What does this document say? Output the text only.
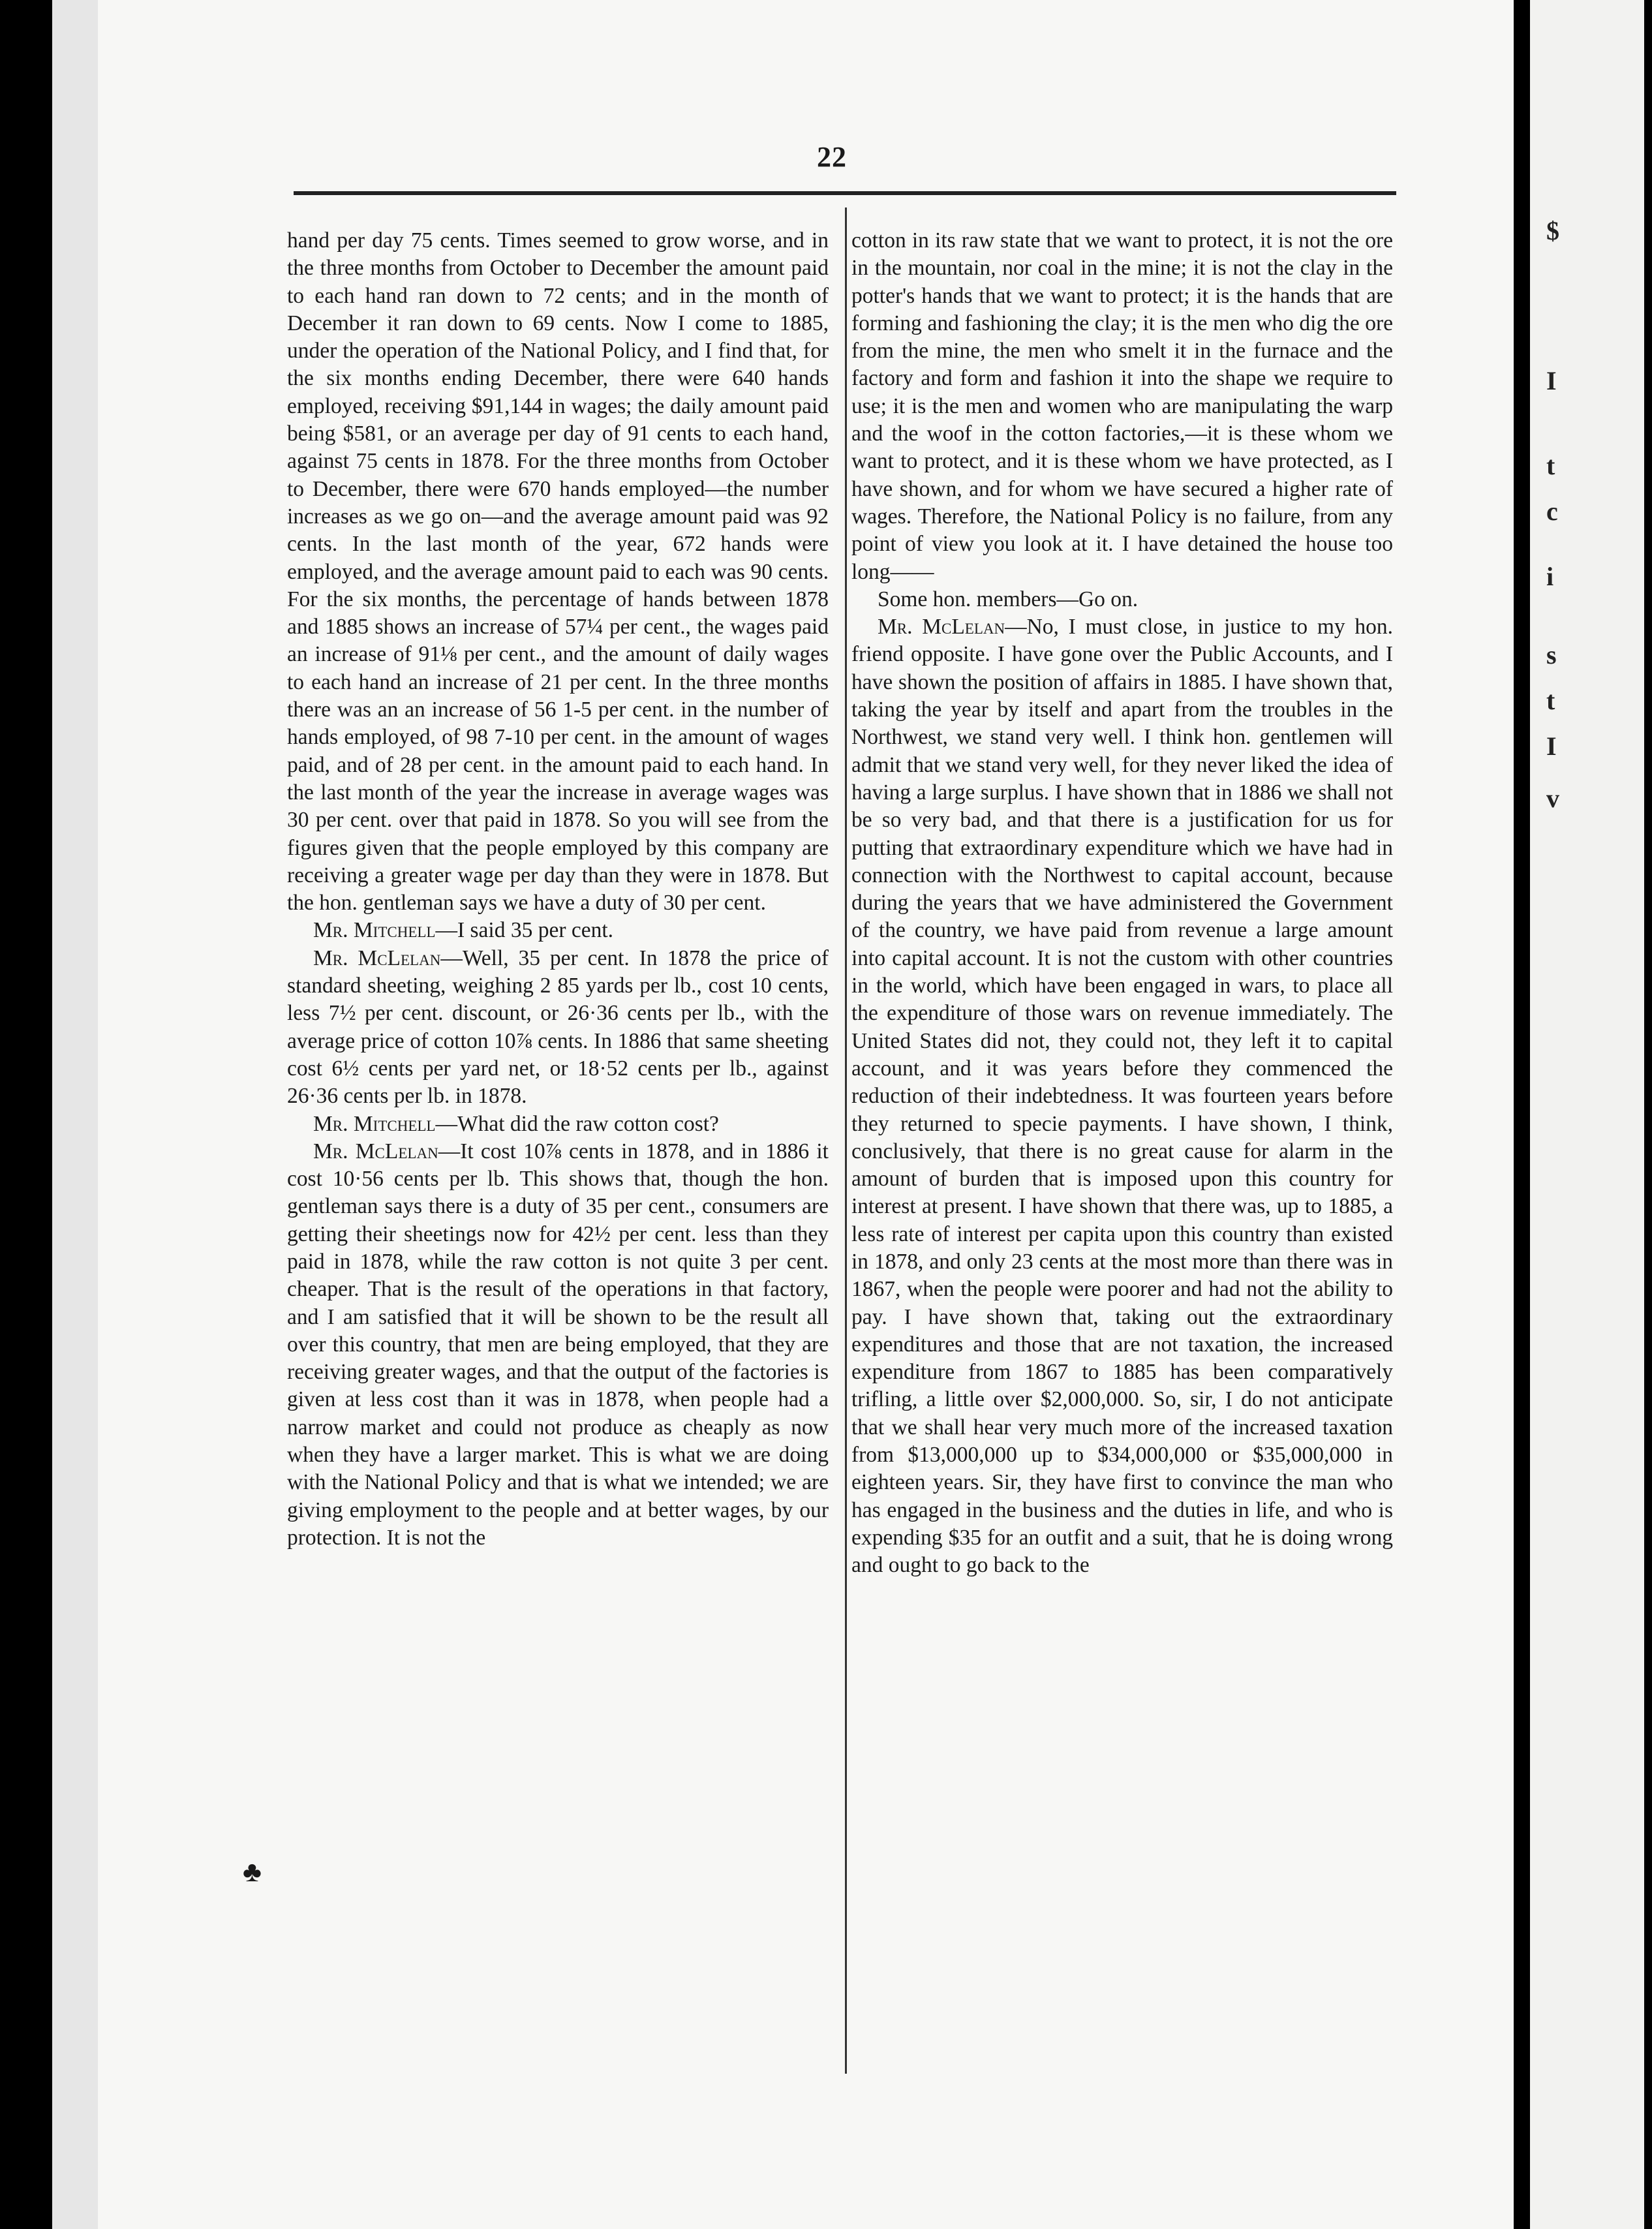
$
I
t
c
i
s
t
I
v
22

hand per day 75 cents. Times seemed to grow worse, and in the three months from October to December the amount paid to each hand ran down to 72 cents; and in the month of December it ran down to 69 cents. Now I come to 1885, under the operation of the National Policy, and I find that, for the six months ending December, there were 640 hands employed, receiving $91,144 in wages; the daily amount paid being $581, or an average per day of 91 cents to each hand, against 75 cents in 1878. For the three months from October to December, there were 670 hands employed—the number increases as we go on—and the average amount paid was 92 cents. In the last month of the year, 672 hands were employed, and the average amount paid to each was 90 cents. For the six months, the percentage of hands between 1878 and 1885 shows an increase of 57¼ per cent., the wages paid an increase of 91⅛ per cent., and the amount of daily wages to each hand an increase of 21 per cent. In the three months there was an an increase of 56 1-5 per cent. in the number of hands employed, of 98 7-10 per cent. in the amount of wages paid, and of 28 per cent. in the amount paid to each hand. In the last month of the year the increase in average wages was 30 per cent. over that paid in 1878. So you will see from the figures given that the people employed by this company are receiving a greater wage per day than they were in 1878. But the hon. gentleman says we have a duty of 30 per cent.

Mr. Mitchell—I said 35 per cent.

Mr. McLelan—Well, 35 per cent. In 1878 the price of standard sheeting, weighing 2 85 yards per lb., cost 10 cents, less 7½ per cent. discount, or 26·36 cents per lb., with the average price of cotton 10⅞ cents. In 1886 that same sheeting cost 6½ cents per yard net, or 18·52 cents per lb., against 26·36 cents per lb. in 1878.

Mr. Mitchell—What did the raw cotton cost?

Mr. McLelan—It cost 10⅞ cents in 1878, and in 1886 it cost 10·56 cents per lb. This shows that, though the hon. gentleman says there is a duty of 35 per cent., consumers are getting their sheetings now for 42½ per cent. less than they paid in 1878, while the raw cotton is not quite 3 per cent. cheaper. That is the result of the operations in that factory, and I am satisfied that it will be shown to be the result all over this country, that men are being employed, that they are receiving greater wages, and that the output of the factories is given at less cost than it was in 1878, when people had a narrow market and could not produce as cheaply as now when they have a larger market. This is what we are doing with the National Policy and that is what we intended; we are giving employment to the people and at better wages, by our protection. It is not the

cotton in its raw state that we want to protect, it is not the ore in the mountain, nor coal in the mine; it is not the clay in the potter's hands that we want to protect; it is the hands that are forming and fashioning the clay; it is the men who dig the ore from the mine, the men who smelt it in the furnace and the factory and form and fashion it into the shape we require to use; it is the men and women who are manipulating the warp and the woof in the cotton factories,—it is these whom we want to protect, and it is these whom we have protected, as I have shown, and for whom we have secured a higher rate of wages. Therefore, the National Policy is no failure, from any point of view you look at it. I have detained the house too long——

Some hon. members—Go on.

Mr. McLelan—No, I must close, in justice to my hon. friend opposite. I have gone over the Public Accounts, and I have shown the position of affairs in 1885. I have shown that, taking the year by itself and apart from the troubles in the Northwest, we stand very well. I think hon. gentlemen will admit that we stand very well, for they never liked the idea of having a large surplus. I have shown that in 1886 we shall not be so very bad, and that there is a justification for us for putting that extraordinary expenditure which we have had in connection with the Northwest to capital account, because during the years that we have administered the Government of the country, we have paid from revenue a large amount into capital account. It is not the custom with other countries in the world, which have been engaged in wars, to place all the expenditure of those wars on revenue immediately. The United States did not, they could not, they left it to capital account, and it was years before they commenced the reduction of their indebtedness. It was fourteen years before they returned to specie payments. I have shown, I think, conclusively, that there is no great cause for alarm in the amount of burden that is imposed upon this country for interest at present. I have shown that there was, up to 1885, a less rate of interest per capita upon this country than existed in 1878, and only 23 cents at the most more than there was in 1867, when the people were poorer and had not the ability to pay. I have shown that, taking out the extraordinary expenditures and those that are not taxation, the increased expenditure from 1867 to 1885 has been comparatively trifling, a little over $2,000,000. So, sir, I do not anticipate that we shall hear very much more of the increased taxation from $13,000,000 up to $34,000,000 or $35,000,000 in eighteen years. Sir, they have first to convince the man who has engaged in the business and the duties in life, and who is expending $35 for an outfit and a suit, that he is doing wrong and ought to go back to the

♣
